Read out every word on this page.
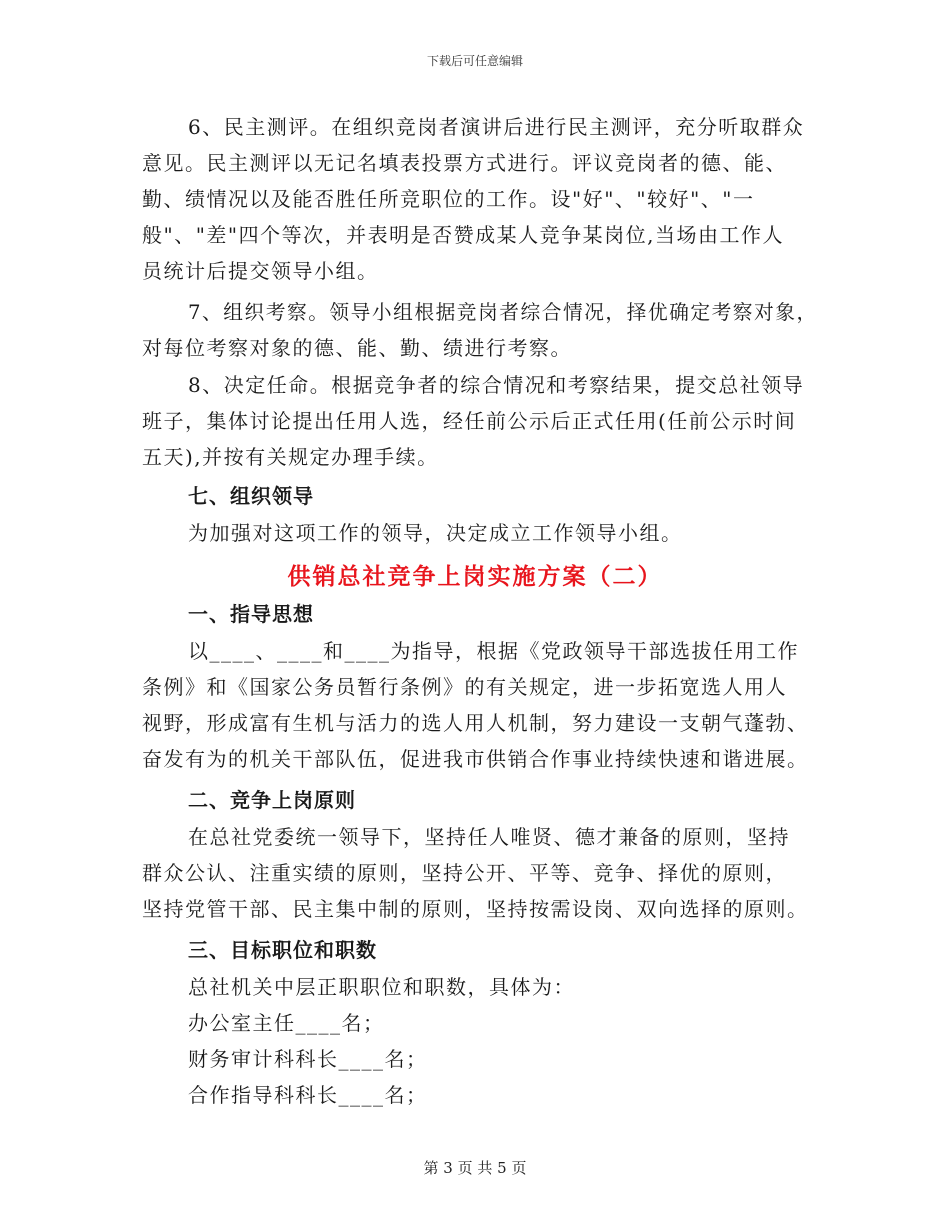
下载后可任意编辑
6、民主测评。在组织竞岗者演讲后进行民主测评，充分听取群众
意见。民主测评以无记名填表投票方式进行。评议竞岗者的德、能、
勤、绩情况以及能否胜任所竞职位的工作。设"好"、"较好"、"一
般"、"差"四个等次，并表明是否赞成某人竞争某岗位,当场由工作人
员统计后提交领导小组。
7、组织考察。领导小组根据竞岗者综合情况，择优确定考察对象，
对每位考察对象的德、能、勤、绩进行考察。
8、决定任命。根据竞争者的综合情况和考察结果，提交总社领导
班子，集体讨论提出任用人选，经任前公示后正式任用(任前公示时间
五天),并按有关规定办理手续。
七、组织领导
为加强对这项工作的领导，决定成立工作领导小组。
供销总社竞争上岗实施方案（二）
一、指导思想
以____、____和____为指导，根据《党政领导干部选拔任用工作
条例》和《国家公务员暂行条例》的有关规定，进一步拓宽选人用人
视野，形成富有生机与活力的选人用人机制，努力建设一支朝气蓬勃、
奋发有为的机关干部队伍，促进我市供销合作事业持续快速和谐进展。
二、竞争上岗原则
在总社党委统一领导下，坚持任人唯贤、德才兼备的原则，坚持
群众公认、注重实绩的原则，坚持公开、平等、竞争、择优的原则，
坚持党管干部、民主集中制的原则，坚持按需设岗、双向选择的原则。
三、目标职位和职数
总社机关中层正职职位和职数，具体为：
办公室主任____名；
财务审计科科长____名；
合作指导科科长____名；
第 3 页 共 5 页
